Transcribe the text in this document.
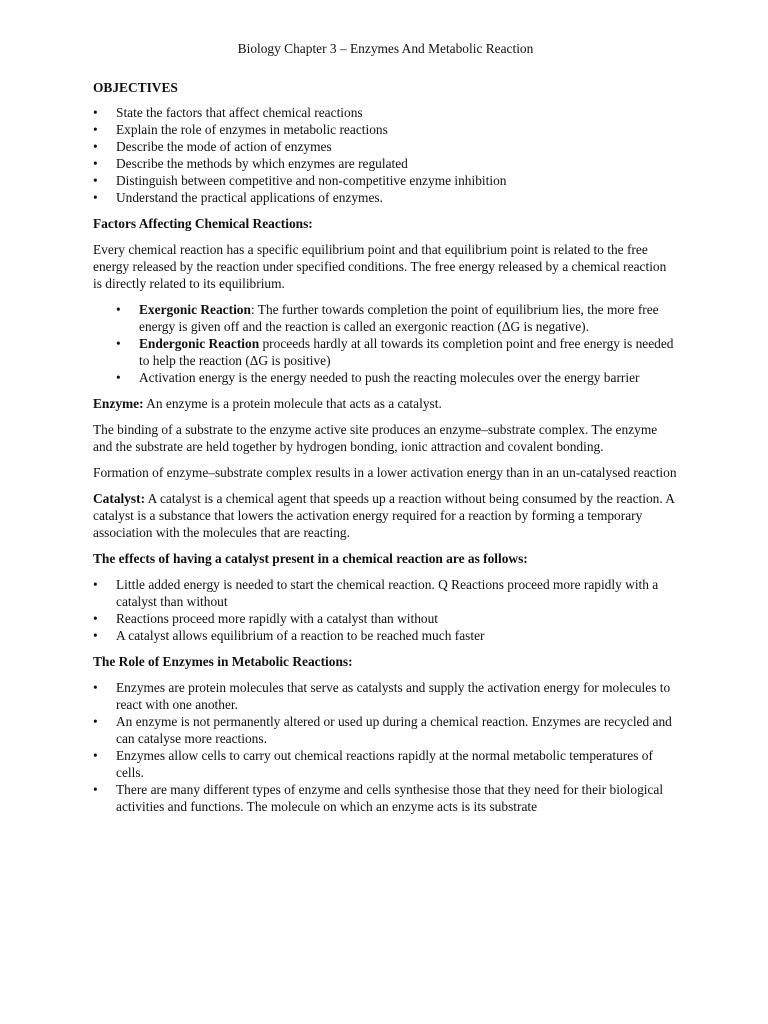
Biology Chapter 3 – Enzymes And Metabolic Reaction
OBJECTIVES
• State the factors that affect chemical reactions
• Explain the role of enzymes in metabolic reactions
• Describe the mode of action of enzymes
• Describe the methods by which enzymes are regulated
• Distinguish between competitive and non-competitive enzyme inhibition
• Understand the practical applications of enzymes.
Factors Affecting Chemical Reactions:
Every chemical reaction has a specific equilibrium point and that equilibrium point is related to the free energy released by the reaction under specified conditions. The free energy released by a chemical reaction is directly related to its equilibrium.
• Exergonic Reaction: The further towards completion the point of equilibrium lies, the more free energy is given off and the reaction is called an exergonic reaction (ΔG is negative).
• Endergonic Reaction proceeds hardly at all towards its completion point and free energy is needed to help the reaction (ΔG is positive)
• Activation energy is the energy needed to push the reacting molecules over the energy barrier
Enzyme: An enzyme is a protein molecule that acts as a catalyst.
The binding of a substrate to the enzyme active site produces an enzyme–substrate complex. The enzyme and the substrate are held together by hydrogen bonding, ionic attraction and covalent bonding.
Formation of enzyme–substrate complex results in a lower activation energy than in an un-catalysed reaction
Catalyst: A catalyst is a chemical agent that speeds up a reaction without being consumed by the reaction. A catalyst is a substance that lowers the activation energy required for a reaction by forming a temporary association with the molecules that are reacting.
The effects of having a catalyst present in a chemical reaction are as follows:
• Little added energy is needed to start the chemical reaction. Q Reactions proceed more rapidly with a catalyst than without
• Reactions proceed more rapidly with a catalyst than without
• A catalyst allows equilibrium of a reaction to be reached much faster
The Role of Enzymes in Metabolic Reactions:
• Enzymes are protein molecules that serve as catalysts and supply the activation energy for molecules to react with one another.
• An enzyme is not permanently altered or used up during a chemical reaction. Enzymes are recycled and can catalyse more reactions.
• Enzymes allow cells to carry out chemical reactions rapidly at the normal metabolic temperatures of cells.
• There are many different types of enzyme and cells synthesise those that they need for their biological activities and functions. The molecule on which an enzyme acts is its substrate
